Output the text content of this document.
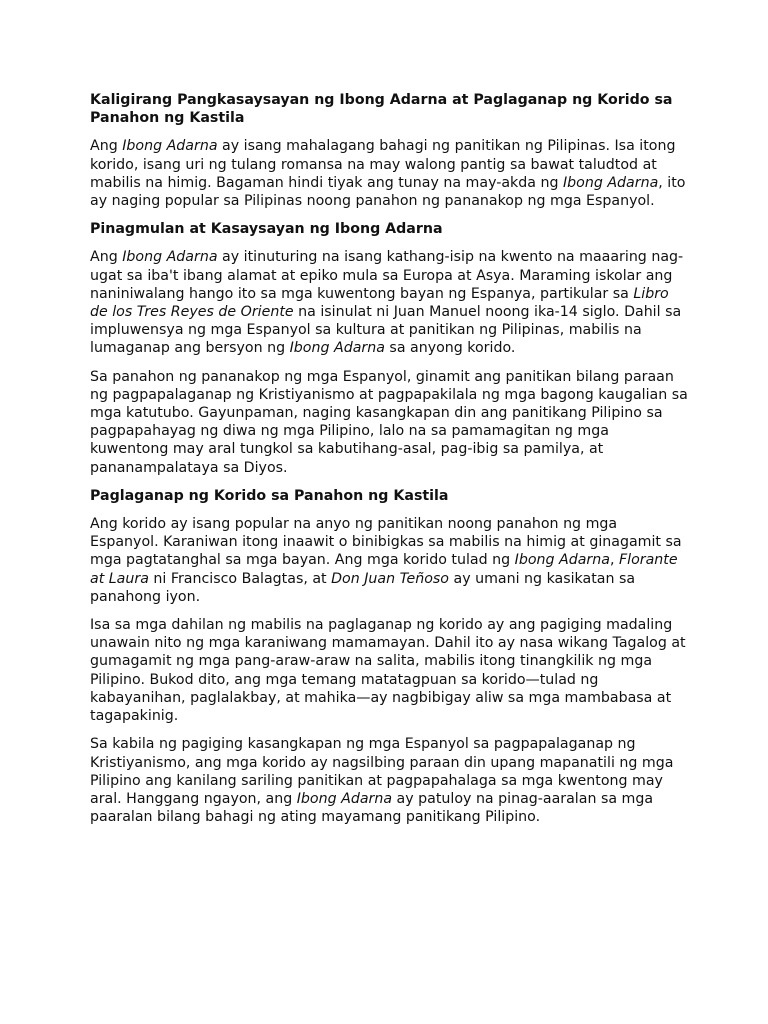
Kaligirang Pangkasaysayan ng Ibong Adarna at Paglaganap ng Korido sa Panahon ng Kastila

Ang Ibong Adarna ay isang mahalagang bahagi ng panitikan ng Pilipinas. Isa itong korido, isang uri ng tulang romansa na may walong pantig sa bawat taludtod at mabilis na himig. Bagaman hindi tiyak ang tunay na may-akda ng Ibong Adarna, ito ay naging popular sa Pilipinas noong panahon ng pananakop ng mga Espanyol.

Pinagmulan at Kasaysayan ng Ibong Adarna

Ang Ibong Adarna ay itinuturing na isang kathang-isip na kwento na maaaring nag-ugat sa iba't ibang alamat at epiko mula sa Europa at Asya. Maraming iskolar ang naniniwalang hango ito sa mga kuwentong bayan ng Espanya, partikular sa Libro de los Tres Reyes de Oriente na isinulat ni Juan Manuel noong ika-14 siglo. Dahil sa impluwensya ng mga Espanyol sa kultura at panitikan ng Pilipinas, mabilis na lumaganap ang bersyon ng Ibong Adarna sa anyong korido.

Sa panahon ng pananakop ng mga Espanyol, ginamit ang panitikan bilang paraan ng pagpapalaganap ng Kristiyanismo at pagpapakilala ng mga bagong kaugalian sa mga katutubo. Gayunpaman, naging kasangkapan din ang panitikang Pilipino sa pagpapahayag ng diwa ng mga Pilipino, lalo na sa pamamagitan ng mga kuwentong may aral tungkol sa kabutihang-asal, pag-ibig sa pamilya, at pananampalataya sa Diyos.

Paglaganap ng Korido sa Panahon ng Kastila

Ang korido ay isang popular na anyo ng panitikan noong panahon ng mga Espanyol. Karaniwan itong inaawit o binibigkas sa mabilis na himig at ginagamit sa mga pagtatanghal sa mga bayan. Ang mga korido tulad ng Ibong Adarna, Florante at Laura ni Francisco Balagtas, at Don Juan Teñoso ay umani ng kasikatan sa panahong iyon.

Isa sa mga dahilan ng mabilis na paglaganap ng korido ay ang pagiging madaling unawain nito ng mga karaniwang mamamayan. Dahil ito ay nasa wikang Tagalog at gumagamit ng mga pang-araw-araw na salita, mabilis itong tinangkilik ng mga Pilipino. Bukod dito, ang mga temang matatagpuan sa korido—tulad ng kabayanihan, paglalakbay, at mahika—ay nagbibigay aliw sa mga mambabasa at tagapakinig.

Sa kabila ng pagiging kasangkapan ng mga Espanyol sa pagpapalaganap ng Kristiyanismo, ang mga korido ay nagsilbing paraan din upang mapanatili ng mga Pilipino ang kanilang sariling panitikan at pagpapahalaga sa mga kwentong may aral. Hanggang ngayon, ang Ibong Adarna ay patuloy na pinag-aaralan sa mga paaralan bilang bahagi ng ating mayamang panitikang Pilipino.
